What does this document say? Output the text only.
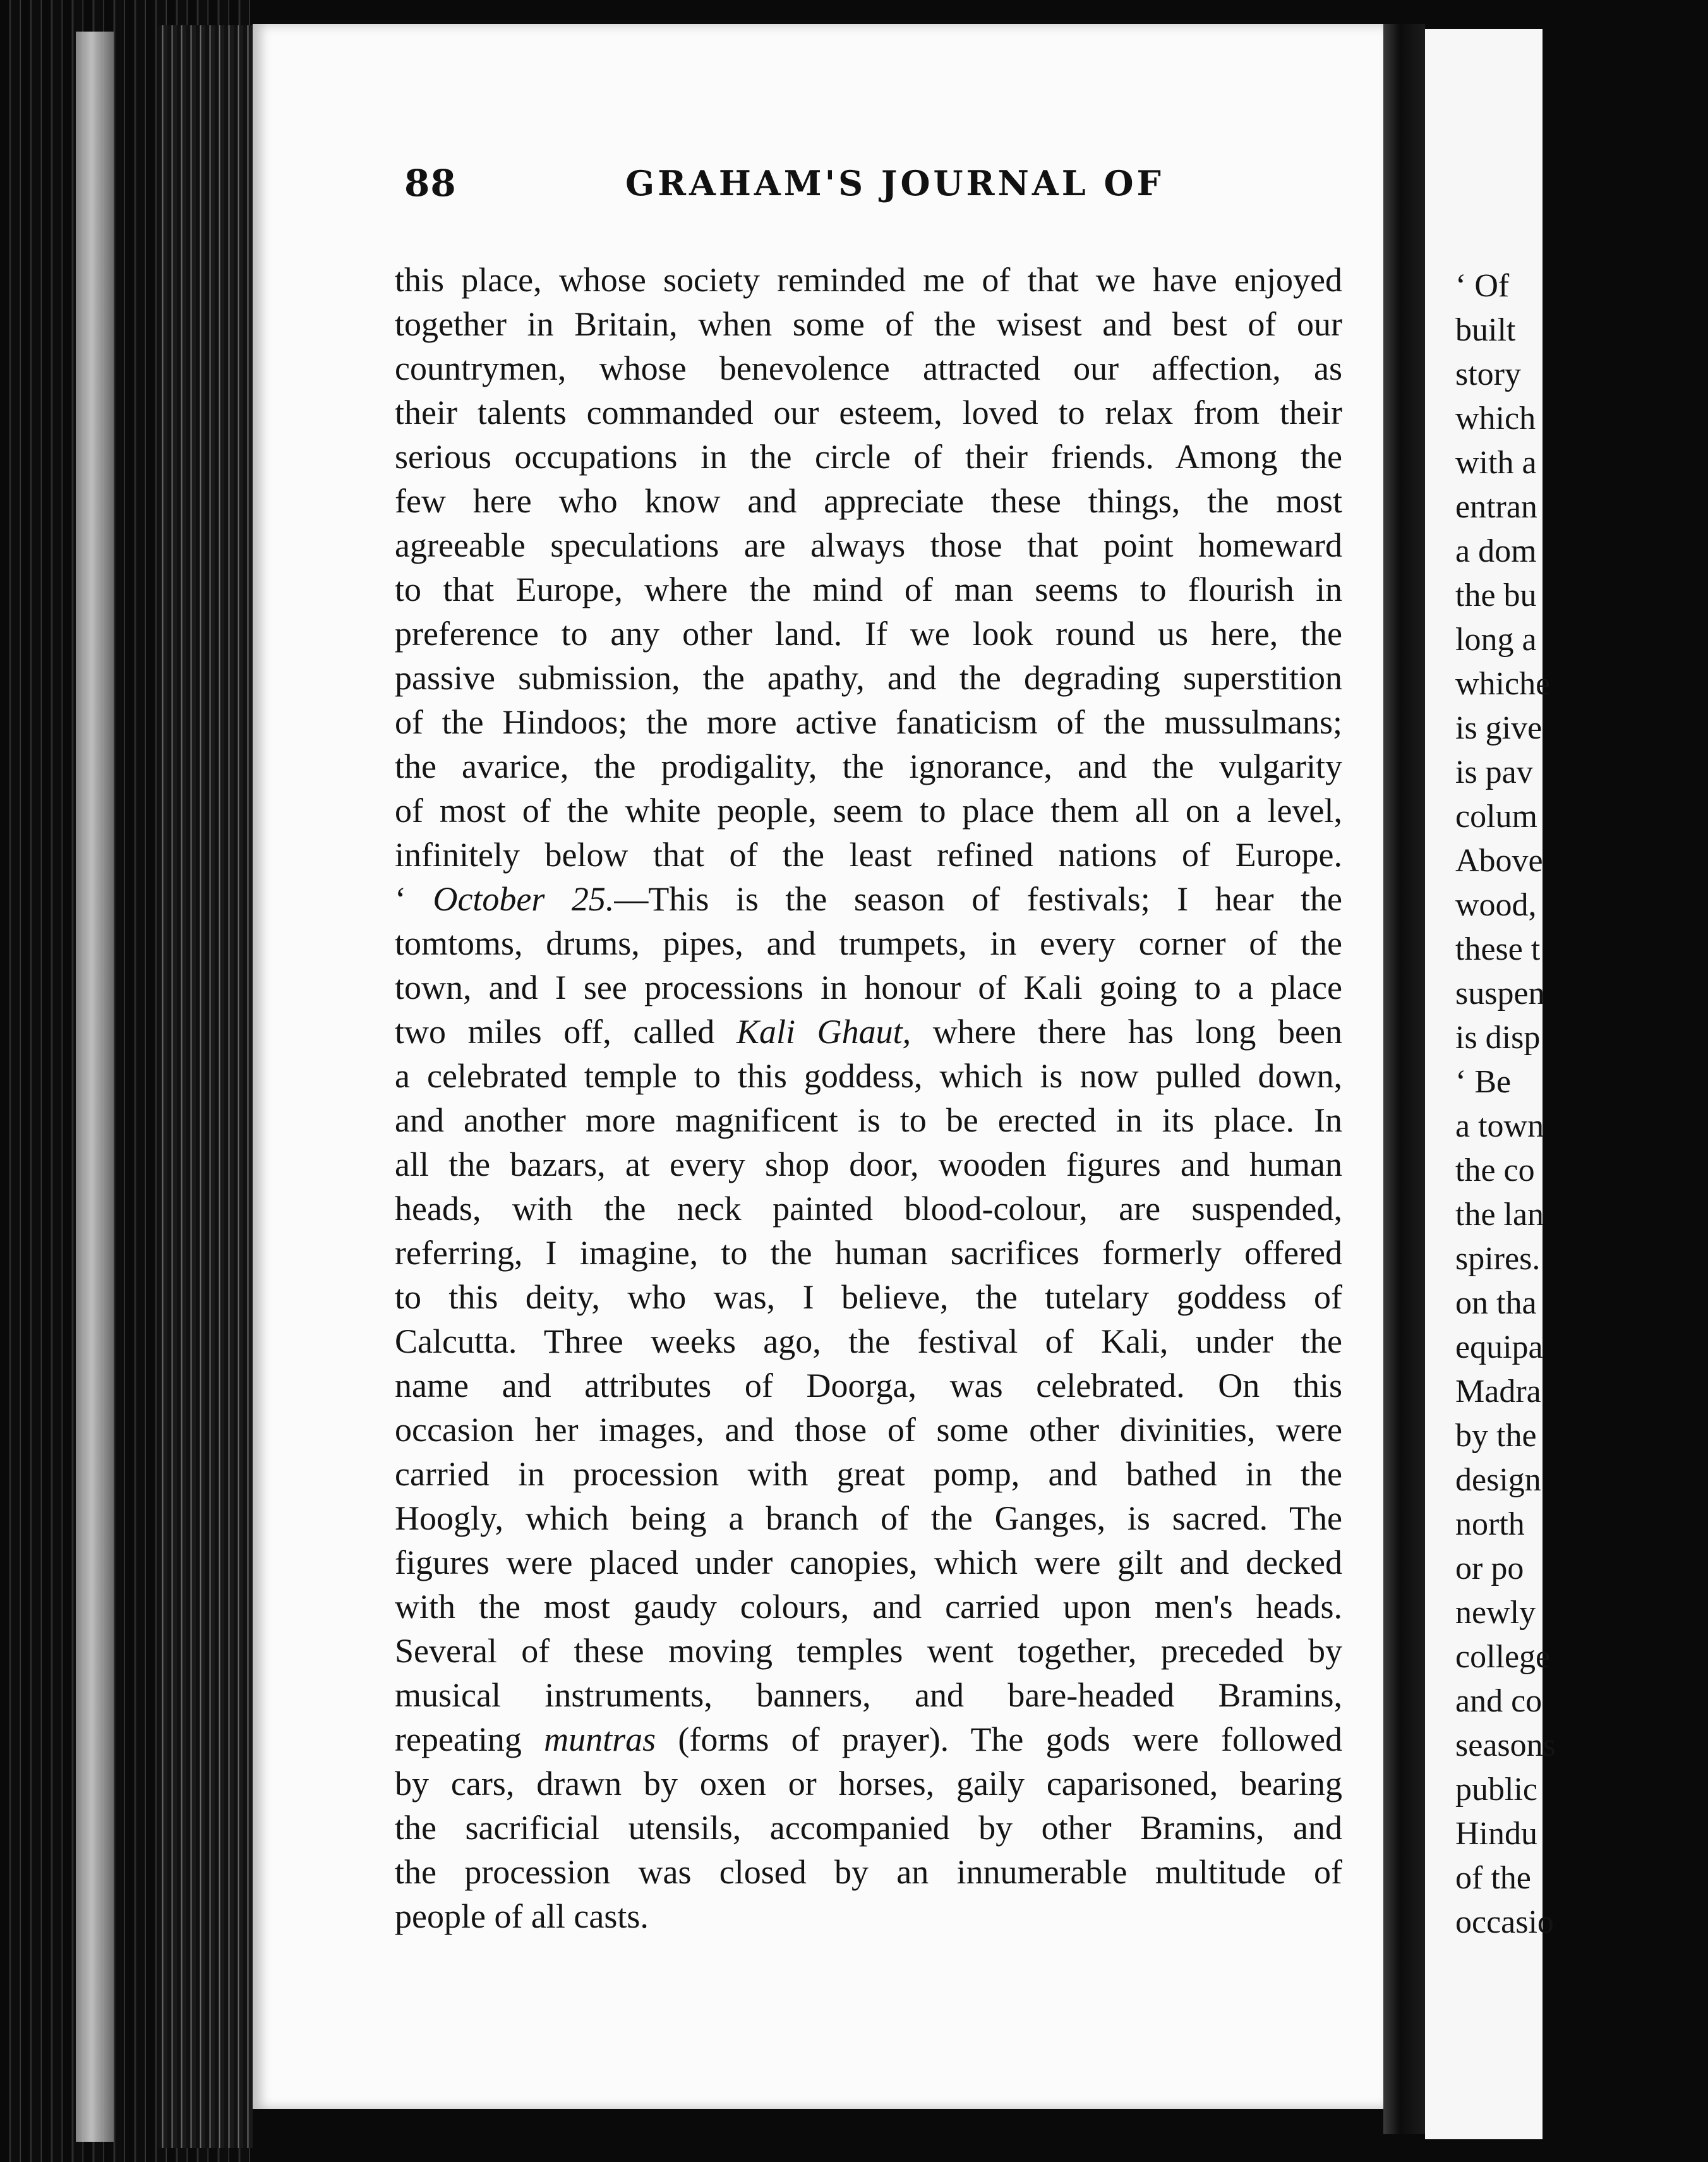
88	GRAHAM'S JOURNAL OF
this place, whose society reminded me of that we have enjoyed
together in Britain, when some of the wisest and best of our
countrymen, whose benevolence attracted our affection, as
their talents commanded our esteem, loved to relax from their
serious occupations in the circle of their friends. Among the
few here who know and appreciate these things, the most
agreeable speculations are always those that point homeward
to that Europe, where the mind of man seems to flourish in
preference to any other land. If we look round us here, the
passive submission, the apathy, and the degrading superstition
of the Hindoos; the more active fanaticism of the mussulmans;
the avarice, the prodigality, the ignorance, and the vulgarity
of most of the white people, seem to place them all on a level,
infinitely below that of the least refined nations of Europe.
‘ October 25.—This is the season of festivals; I hear the
tomtoms, drums, pipes, and trumpets, in every corner of the
town, and I see processions in honour of Kali going to a place
two miles off, called Kali Ghaut, where there has long been
a celebrated temple to this goddess, which is now pulled down,
and another more magnificent is to be erected in its place. In
all the bazars, at every shop door, wooden figures and human
heads, with the neck painted blood-colour, are suspended,
referring, I imagine, to the human sacrifices formerly offered
to this deity, who was, I believe, the tutelary goddess of
Calcutta. Three weeks ago, the festival of Kali, under the
name and attributes of Doorga, was celebrated. On this
occasion her images, and those of some other divinities, were
carried in procession with great pomp, and bathed in the
Hoogly, which being a branch of the Ganges, is sacred. The
figures were placed under canopies, which were gilt and decked
with the most gaudy colours, and carried upon men's heads.
Several of these moving temples went together, preceded by
musical instruments, banners, and bare-headed Bramins,
repeating muntras (forms of prayer). The gods were followed
by cars, drawn by oxen or horses, gaily caparisoned, bearing
the sacrificial utensils, accompanied by other Bramins, and
the procession was closed by an innumerable multitude of
people of all casts.
‘ Of
built
story
which
with a
entran
a dom
the bu
long a
whiche
is give
is pav
colum
Above
wood,
these t
suspen
is disp
‘ Be
a town
the co
the lan
spires.
on tha
equipa
Madra
by the
design
north
or po
newly
college
and co
seasons
public
Hindu
of the
occasio
